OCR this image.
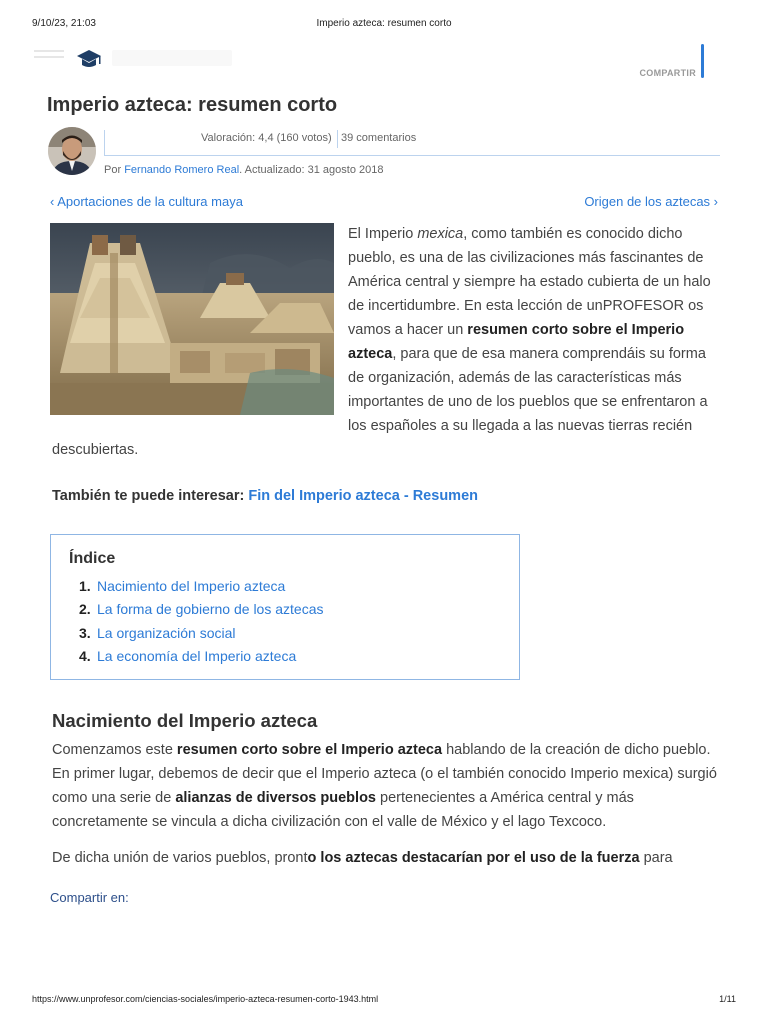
9/10/23, 21:03	Imperio azteca: resumen corto
COMPARTIR
Imperio azteca: resumen corto
Valoración: 4,4 (160 votos) 39 comentarios
Por Fernando Romero Real. Actualizado: 31 agosto 2018
‹ Aportaciones de la cultura maya	Origen de los aztecas ›
El Imperio mexica, como también es conocido dicho pueblo, es una de las civilizaciones más fascinantes de América central y siempre ha estado cubierta de un halo de incertidumbre. En esta lección de unPROFESOR os vamos a hacer un resumen corto sobre el Imperio azteca, para que de esa manera comprendáis su forma de organización, además de las características más importantes de uno de los pueblos que se enfrentaron a los españoles a su llegada a las nuevas tierras recién descubiertas.
También te puede interesar: Fin del Imperio azteca - Resumen
Índice
1. Nacimiento del Imperio azteca
2. La forma de gobierno de los aztecas
3. La organización social
4. La economía del Imperio azteca
Nacimiento del Imperio azteca

Comenzamos este resumen corto sobre el Imperio azteca hablando de la creación de dicho pueblo. En primer lugar, debemos de decir que el Imperio azteca (o el también conocido Imperio mexica) surgió como una serie de alianzas de diversos pueblos pertenecientes a América central y más concretamente se vincula a dicha civilización con el valle de México y el lago Texcoco.

De dicha unión de varios pueblos, pronto los aztecas destacarían por el uso de la fuerza para

Compartir en:
https://www.unprofesor.com/ciencias-sociales/imperio-azteca-resumen-corto-1943.html	1/11
